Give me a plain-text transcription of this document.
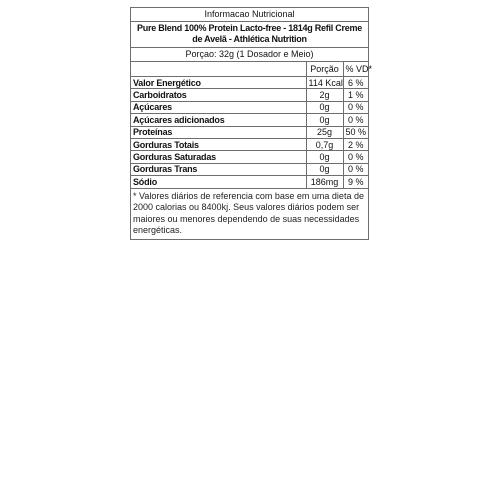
Informacao Nutricional
Pure Blend 100% Protein Lacto-free - 1814g Refil Creme de Avelã - Athlética Nutrition
Porçao: 32g (1 Dosador e Meio)
	Porção	% VD*
Valor Energético	114 Kcal	6 %
Carboidratos	2g	1 %
Açúcares	0g	0 %
Açúcares adicionados	0g	0 %
Proteínas	25g	50 %
Gorduras Totais	0,7g	2 %
Gorduras Saturadas	0g	0 %
Gorduras Trans	0g	0 %
Sódio	186mg	9 %
* Valores diários de referencia com base em uma dieta de 2000 calorias ou 8400kj. Seus valores diários podem ser maiores ou menores dependendo de suas necessidades energéticas.
